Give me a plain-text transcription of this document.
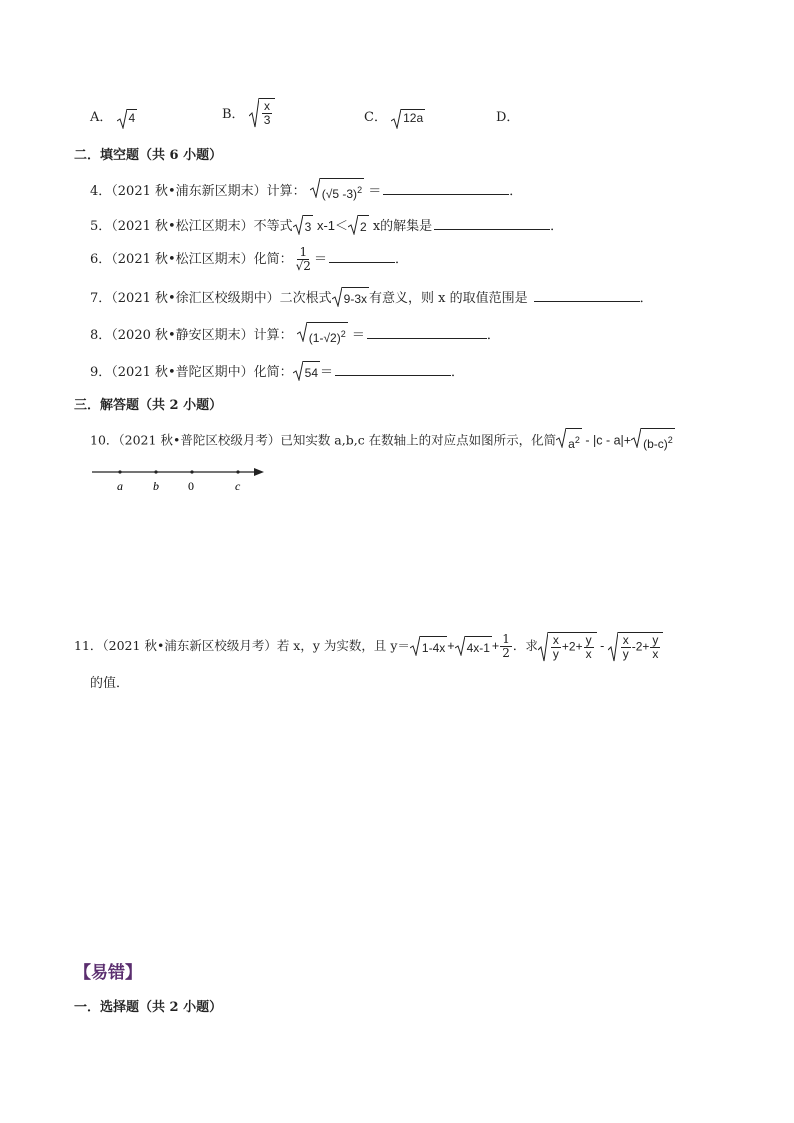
A． 4	B． $\frac{x}{3}$	C． 12a	D．
二．填空题（共 6 小题）
4．（2021 秋•浦东新区期末）计算： (√5 -3)$^2$ ＝	．
5．（2021 秋•松江区期末）不等式 3 x-1＜ 2 x的解集是	．
6．（2021 秋•松江区期末）化简： $\frac{1}{√2}$ ＝	．
7．（2021 秋•徐汇区校级期中）二次根式 9-3x 有意义，则 x 的取值范围是	．
8．（2020 秋•静安区期末）计算： $(1-√2)^2$ ＝	．
9．（2021 秋•普陀区期中）化简： 54 ＝	．
三．解答题（共 2 小题）
10．（2021 秋•普陀区校级月考）已知实数 a,b,c 在数轴上的对应点如图所示，化简 $a^2 - |c - a|+ (b-c)^2$
a	b 0	c
11．（2021 秋•浦东新区校级月考）若 x，y 为实数，且 $y= 1-4x + 4x-1 + \frac{1}{2}$ ．求 $\frac{x}{y} +2+ \frac{y}{x} - \frac{x}{y} -2+ \frac{y}{x}$
的值．
【易错】
一．选择题（共 2 小题）
